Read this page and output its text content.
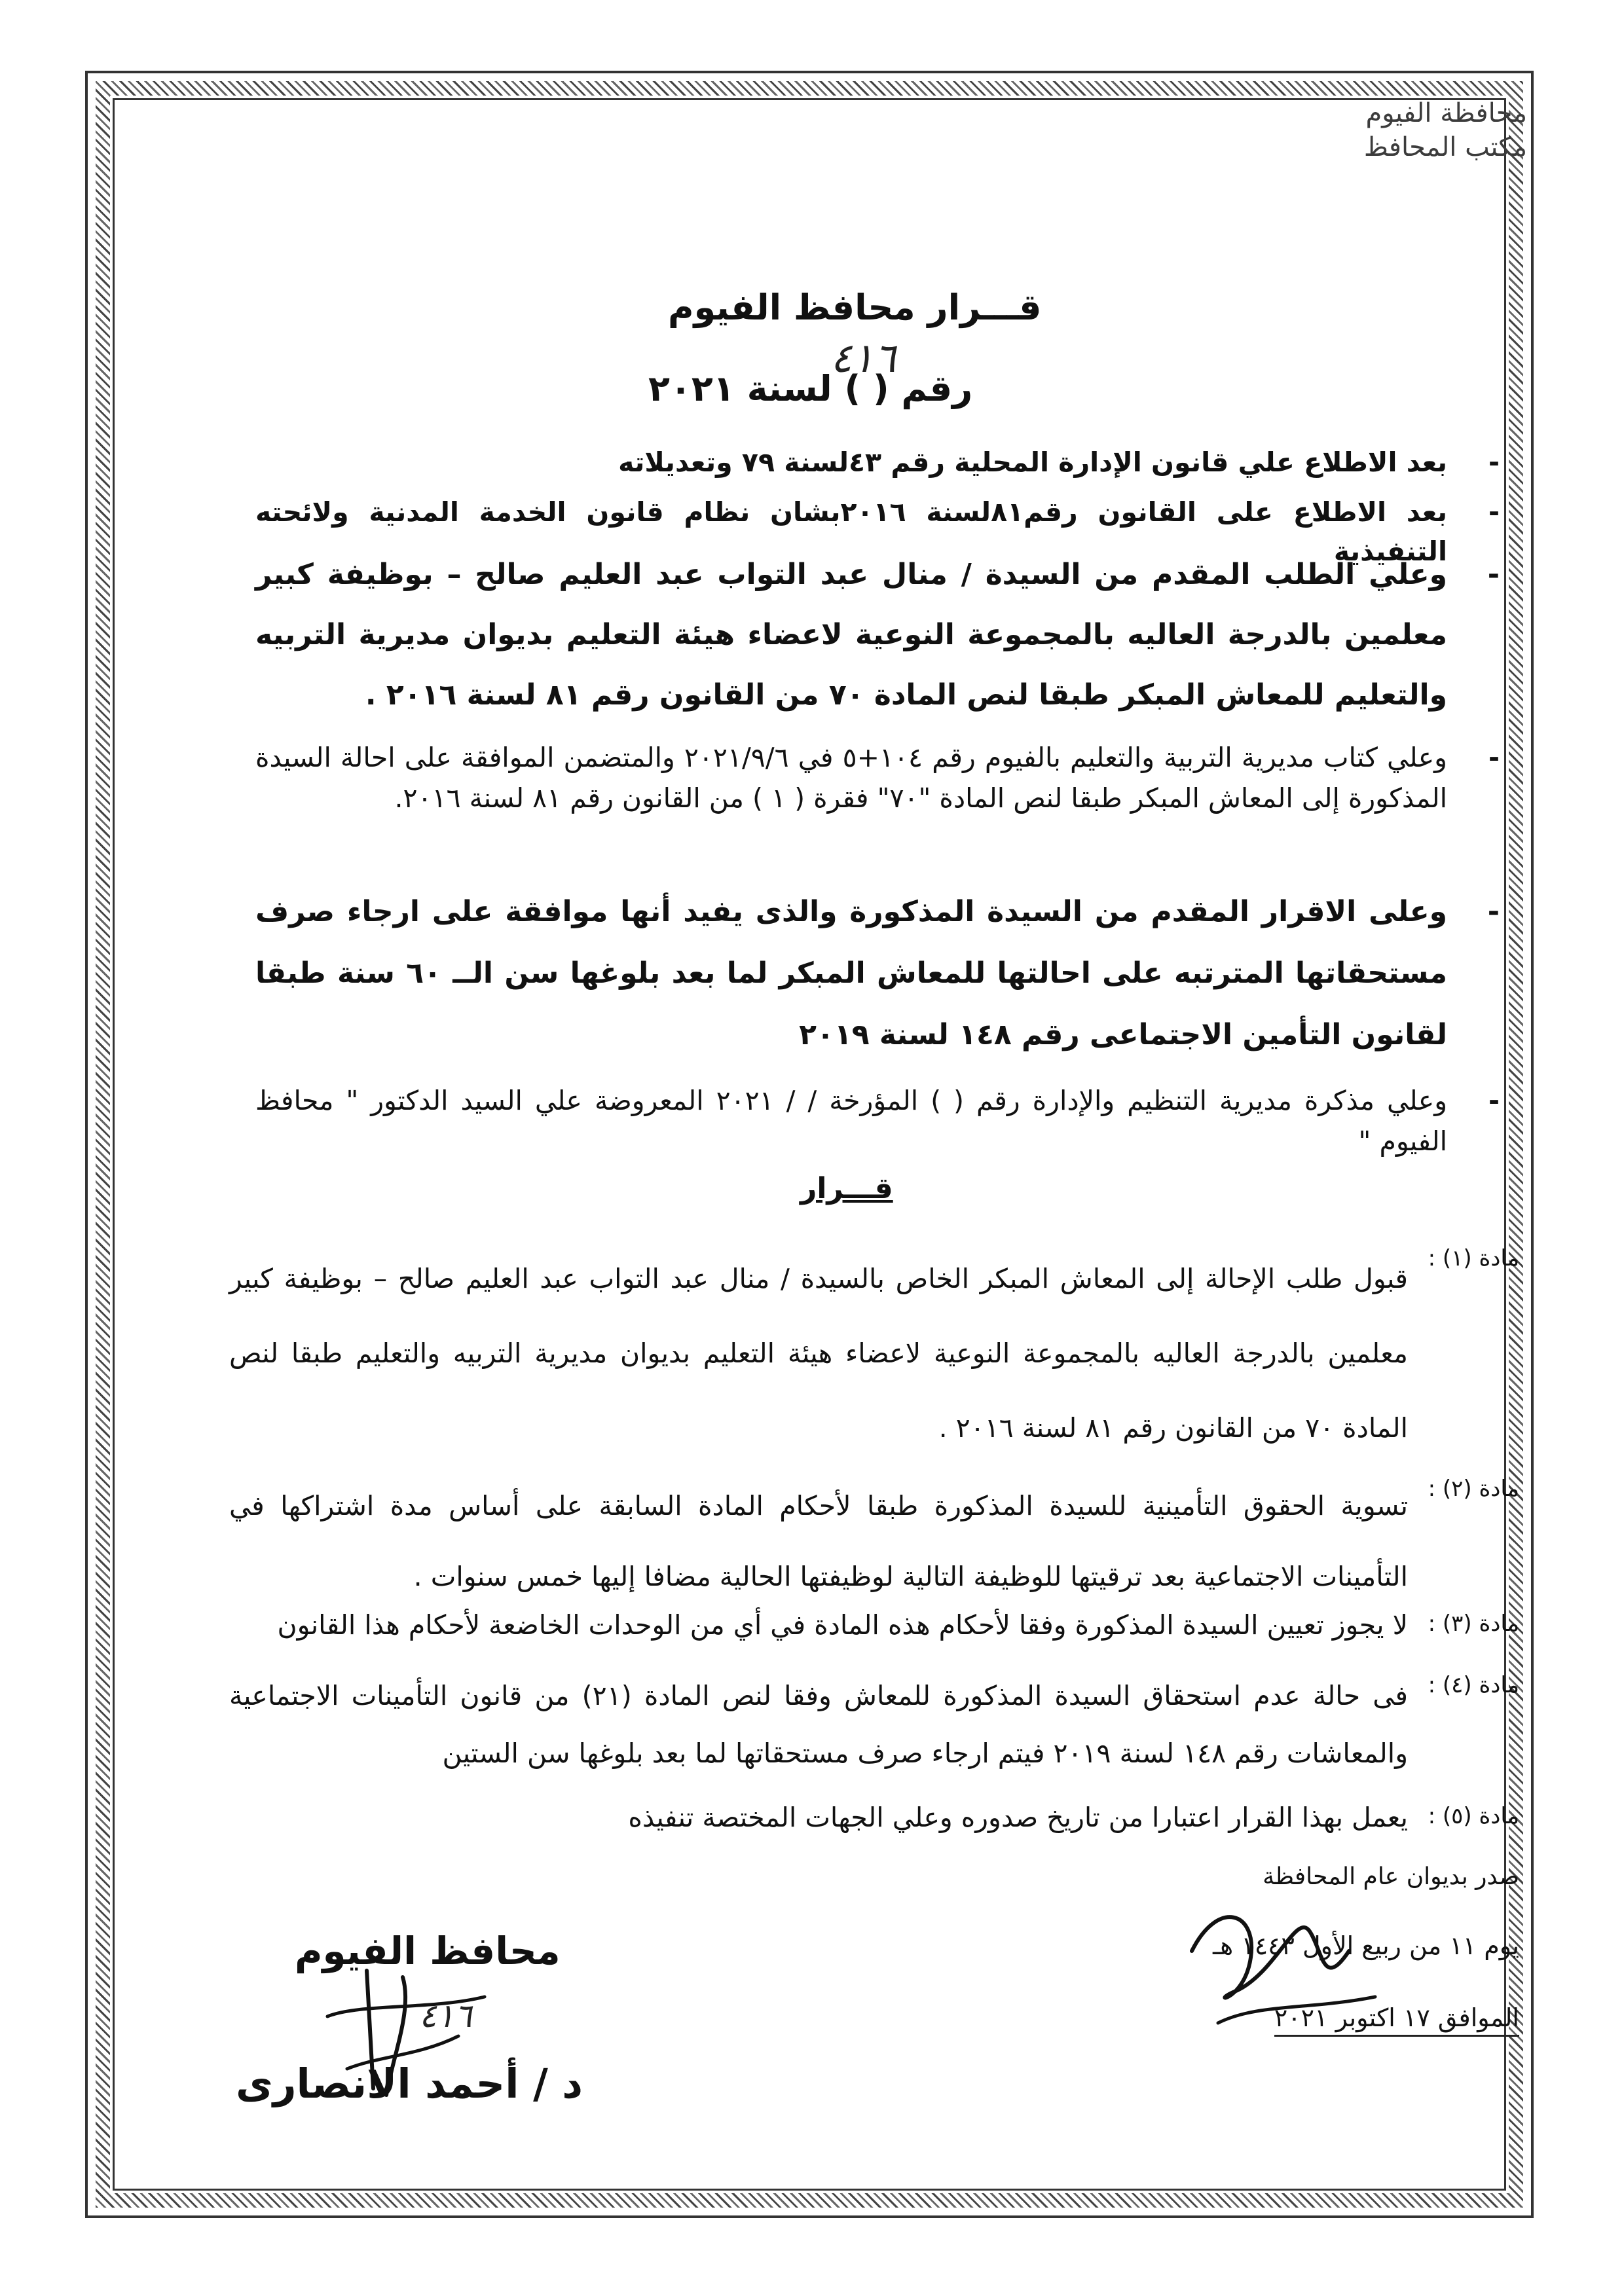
محافظة الفيوم
مكتب المحافظ
قـــرار محافظ الفيوم
رقم ( ) لسنة ٢٠٢١
٤١٦
-
بعد الاطلاع علي قانون الإدارة المحلية رقم ٤٣لسنة ٧٩ وتعديلاته
-
بعد الاطلاع على القانون رقم٨١لسنة ٢٠١٦بشان نظام قانون الخدمة المدنية ولائحته التنفيذية
-
وعلي الطلب المقدم من السيدة / منال عبد التواب عبد العليم صالح – بوظيفة كبير معلمين بالدرجة العاليه بالمجموعة النوعية لاعضاء هيئة التعليم بديوان مديرية التربيه والتعليم للمعاش المبكر طبقا لنص المادة ٧٠ من القانون رقم ٨١ لسنة ٢٠١٦ .
-
وعلي كتاب مديرية التربية والتعليم بالفيوم رقم ١٠٤+٥ في ٢٠٢١/٩/٦ والمتضمن الموافقة على احالة السيدة المذكورة إلى المعاش المبكر طبقا لنص المادة "٧٠" فقرة ( ١ ) من القانون رقم ٨١ لسنة ٢٠١٦.
-
وعلى الاقرار المقدم من السيدة المذكورة والذى يفيد أنها موافقة على ارجاء صرف مستحقاتها المترتبه على احالتها للمعاش المبكر لما بعد بلوغها سن الــ ٦٠ سنة طبقا لقانون التأمين الاجتماعى رقم ١٤٨ لسنة ٢٠١٩
-
وعلي مذكرة مديرية التنظيم والإدارة رقم ( ) المؤرخة / / ٢٠٢١ المعروضة علي السيد الدكتور " محافظ الفيوم "
قـــرار
مادة (١) :
قبول طلب الإحالة إلى المعاش المبكر الخاص بالسيدة / منال عبد التواب عبد العليم صالح – بوظيفة كبير معلمين بالدرجة العاليه بالمجموعة النوعية لاعضاء هيئة التعليم بديوان مديرية التربيه والتعليم طبقا لنص المادة ٧٠ من القانون رقم ٨١ لسنة ٢٠١٦ .
مادة (٢) :
تسوية الحقوق التأمينية للسيدة المذكورة طبقا لأحكام المادة السابقة على أساس مدة اشتراكها في التأمينات الاجتماعية بعد ترقيتها للوظيفة التالية لوظيفتها الحالية مضافا إليها خمس سنوات .
مادة (٣) :
لا يجوز تعيين السيدة المذكورة وفقا لأحكام هذه المادة في أي من الوحدات الخاضعة لأحكام هذا القانون
مادة (٤) :
فى حالة عدم استحقاق السيدة المذكورة للمعاش وفقا لنص المادة (٢١) من قانون التأمينات الاجتماعية والمعاشات رقم ١٤٨ لسنة ٢٠١٩ فيتم ارجاء صرف مستحقاتها لما بعد بلوغها سن الستين
مادة (٥) :
يعمل بهذا القرار اعتبارا من تاريخ صدوره وعلي الجهات المختصة تنفيذه
صدر بديوان عام المحافظة
يوم ١١ من ربيع الأول ١٤٤٣ هـ
الموافق ١٧ اكتوبر ٢٠٢١
محافظ الفيوم
٤١٦
د / أحمد الانصارى
